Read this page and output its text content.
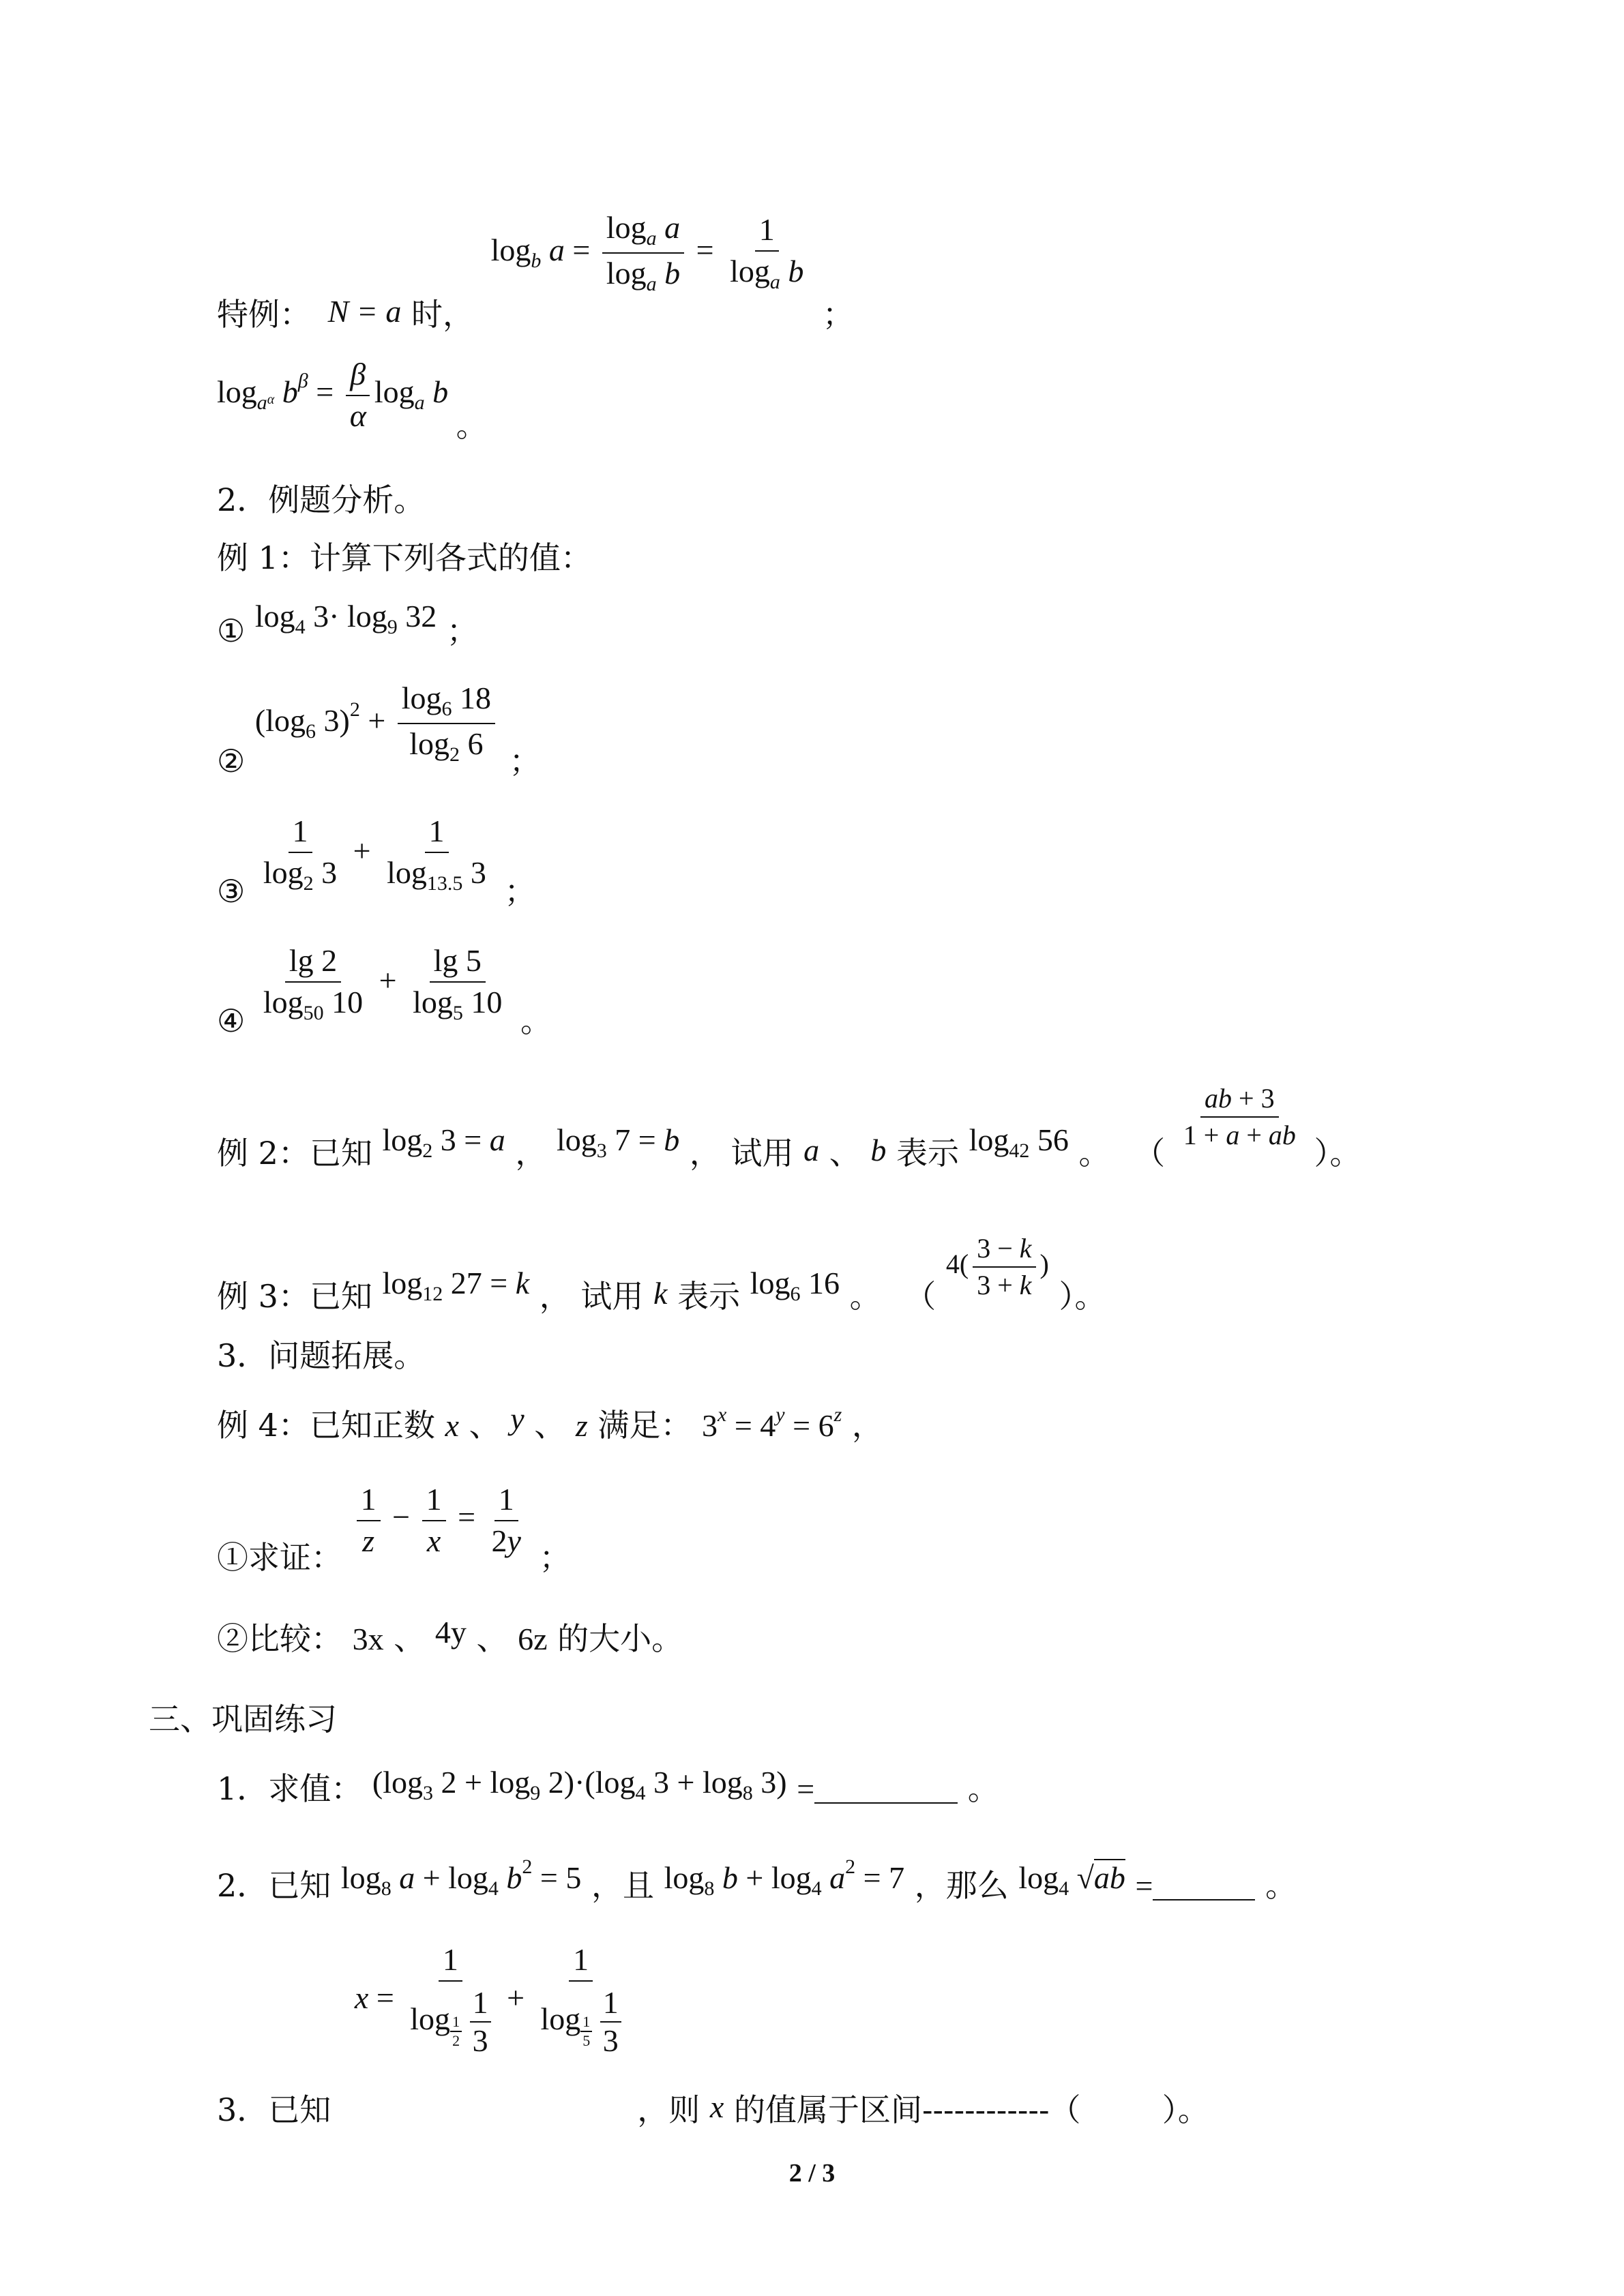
特例： N = a 时， $\log_b a = \frac{\log_a a}{\log_a b} = \frac{1}{\log_a b}$
；
$\log_{a^\alpha} b^\beta = \frac{\beta}{\alpha} \log_a b$ 。
2．例题分析。
例 1：计算下列各式的值：
① $\log_4 3\cdot \log_9 32$ ；
② ($\log_6$ $3)^2 + \frac{\log_6 18}{\log_2 6}$ ；
③ $\frac{1}{\log_2 3} + \frac{1}{\log_{13.5} 3}$ ；
④ $\frac{\lg 2}{\log_{50} 10} + \frac{\lg 5}{\log_5 10}$ 。
例 2：已知 $\log_2 3 = a$ ， $\log_3 7 = b$ ， 试用 a 、 b 表示 $\log_{42} 56$ 。 （
$\frac{ab + 3}{1 + a + ab}$
）。
例 3：已知 $\log_{12} 27 = k$ ， 试用 k 表示 $\log_6 16$ 。 （ $4( \frac{3 - k}{3 + k}$ ) ）。
3．问题拓展。
例 4：已知正数 x 、 y 、 z 满足： $3^x = 4^y = 6^z$ ，
①求证： $\frac{1}{z} - \frac{1}{x} = \frac{1}{2y}$ ；
②比较： 3x 、 4y 、 6z 的大小。
三、巩固练习
1．求值： ($\log_3$ $2 + \log_9 2)\cdot(\log_4$ $3 + \log_8 3$) =	。
2．已知 $\log_8 a + \log_4 b^2 = 5$ ，且 $\log_8 b + \log_4 a^2 = 7$ ，那么 $\log_4 √ab$ =	。
3．已知 x = 1
log $_{\frac{1}{2}}$
$\frac{1}{3} + 1$
log $_{\frac{1}{5}}$
$\frac{1}{3}$
，则 x 的值属于区间------------（	）。
2 / 3
